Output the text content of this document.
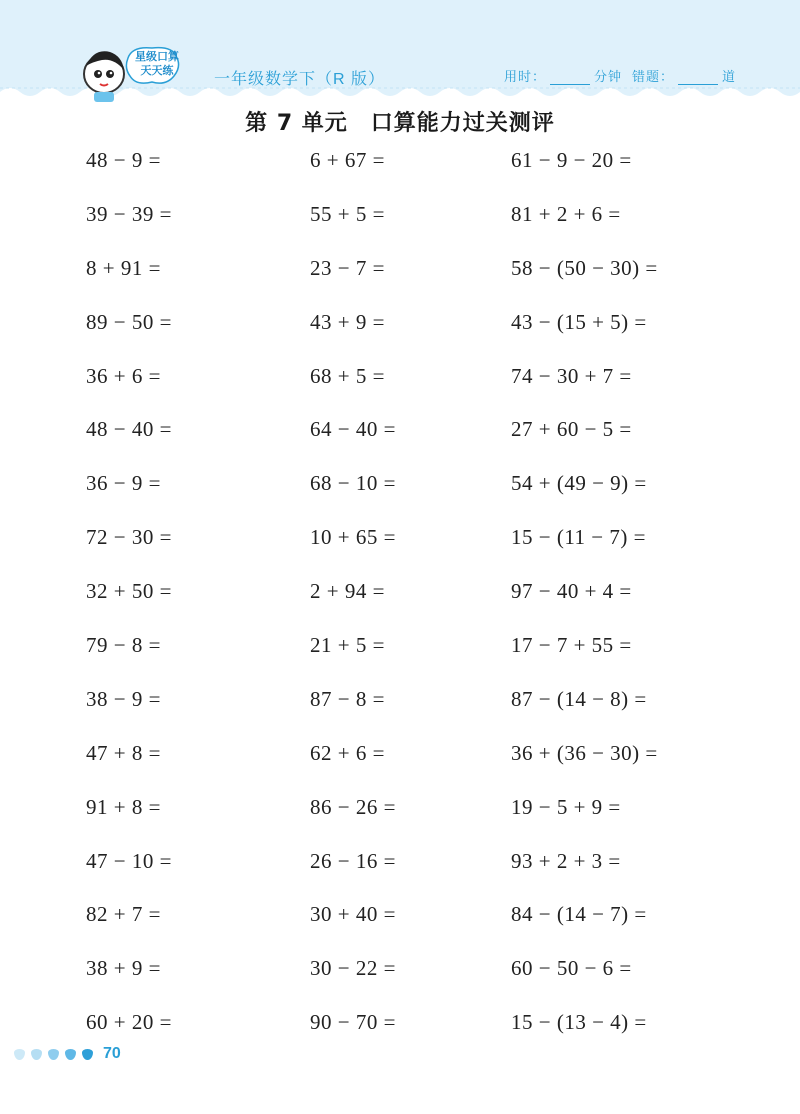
星级口算天天练
一年级数学下（R 版）	用时：	分钟 错题：	道
第 7 单元　口算能力过关测评
48 − 9 =	6 + 67 =	61 − 9 − 20 =
39 − 39 =	55 + 5 =	81 + 2 + 6 =
8 + 91 =	23 − 7 =	58 − (50 − 30) =
89 − 50 =	43 + 9 =	43 − (15 + 5) =
36 + 6 =	68 + 5 =	74 − 30 + 7 =
48 − 40 =	64 − 40 =	27 + 60 − 5 =
36 − 9 =	68 − 10 =	54 + (49 − 9) =
72 − 30 =	10 + 65 =	15 − (11 − 7) =
32 + 50 =	2 + 94 =	97 − 40 + 4 =
79 − 8 =	21 + 5 =	17 − 7 + 55 =
38 − 9 =	87 − 8 =	87 − (14 − 8) =
47 + 8 =	62 + 6 =	36 + (36 − 30) =
91 + 8 =	86 − 26 =	19 − 5 + 9 =
47 − 10 =	26 − 16 =	93 + 2 + 3 =
82 + 7 =	30 + 40 =	84 − (14 − 7) =
38 + 9 =	30 − 22 =	60 − 50 − 6 =
60 + 20 =	90 − 70 =	15 − (13 − 4) =
70
